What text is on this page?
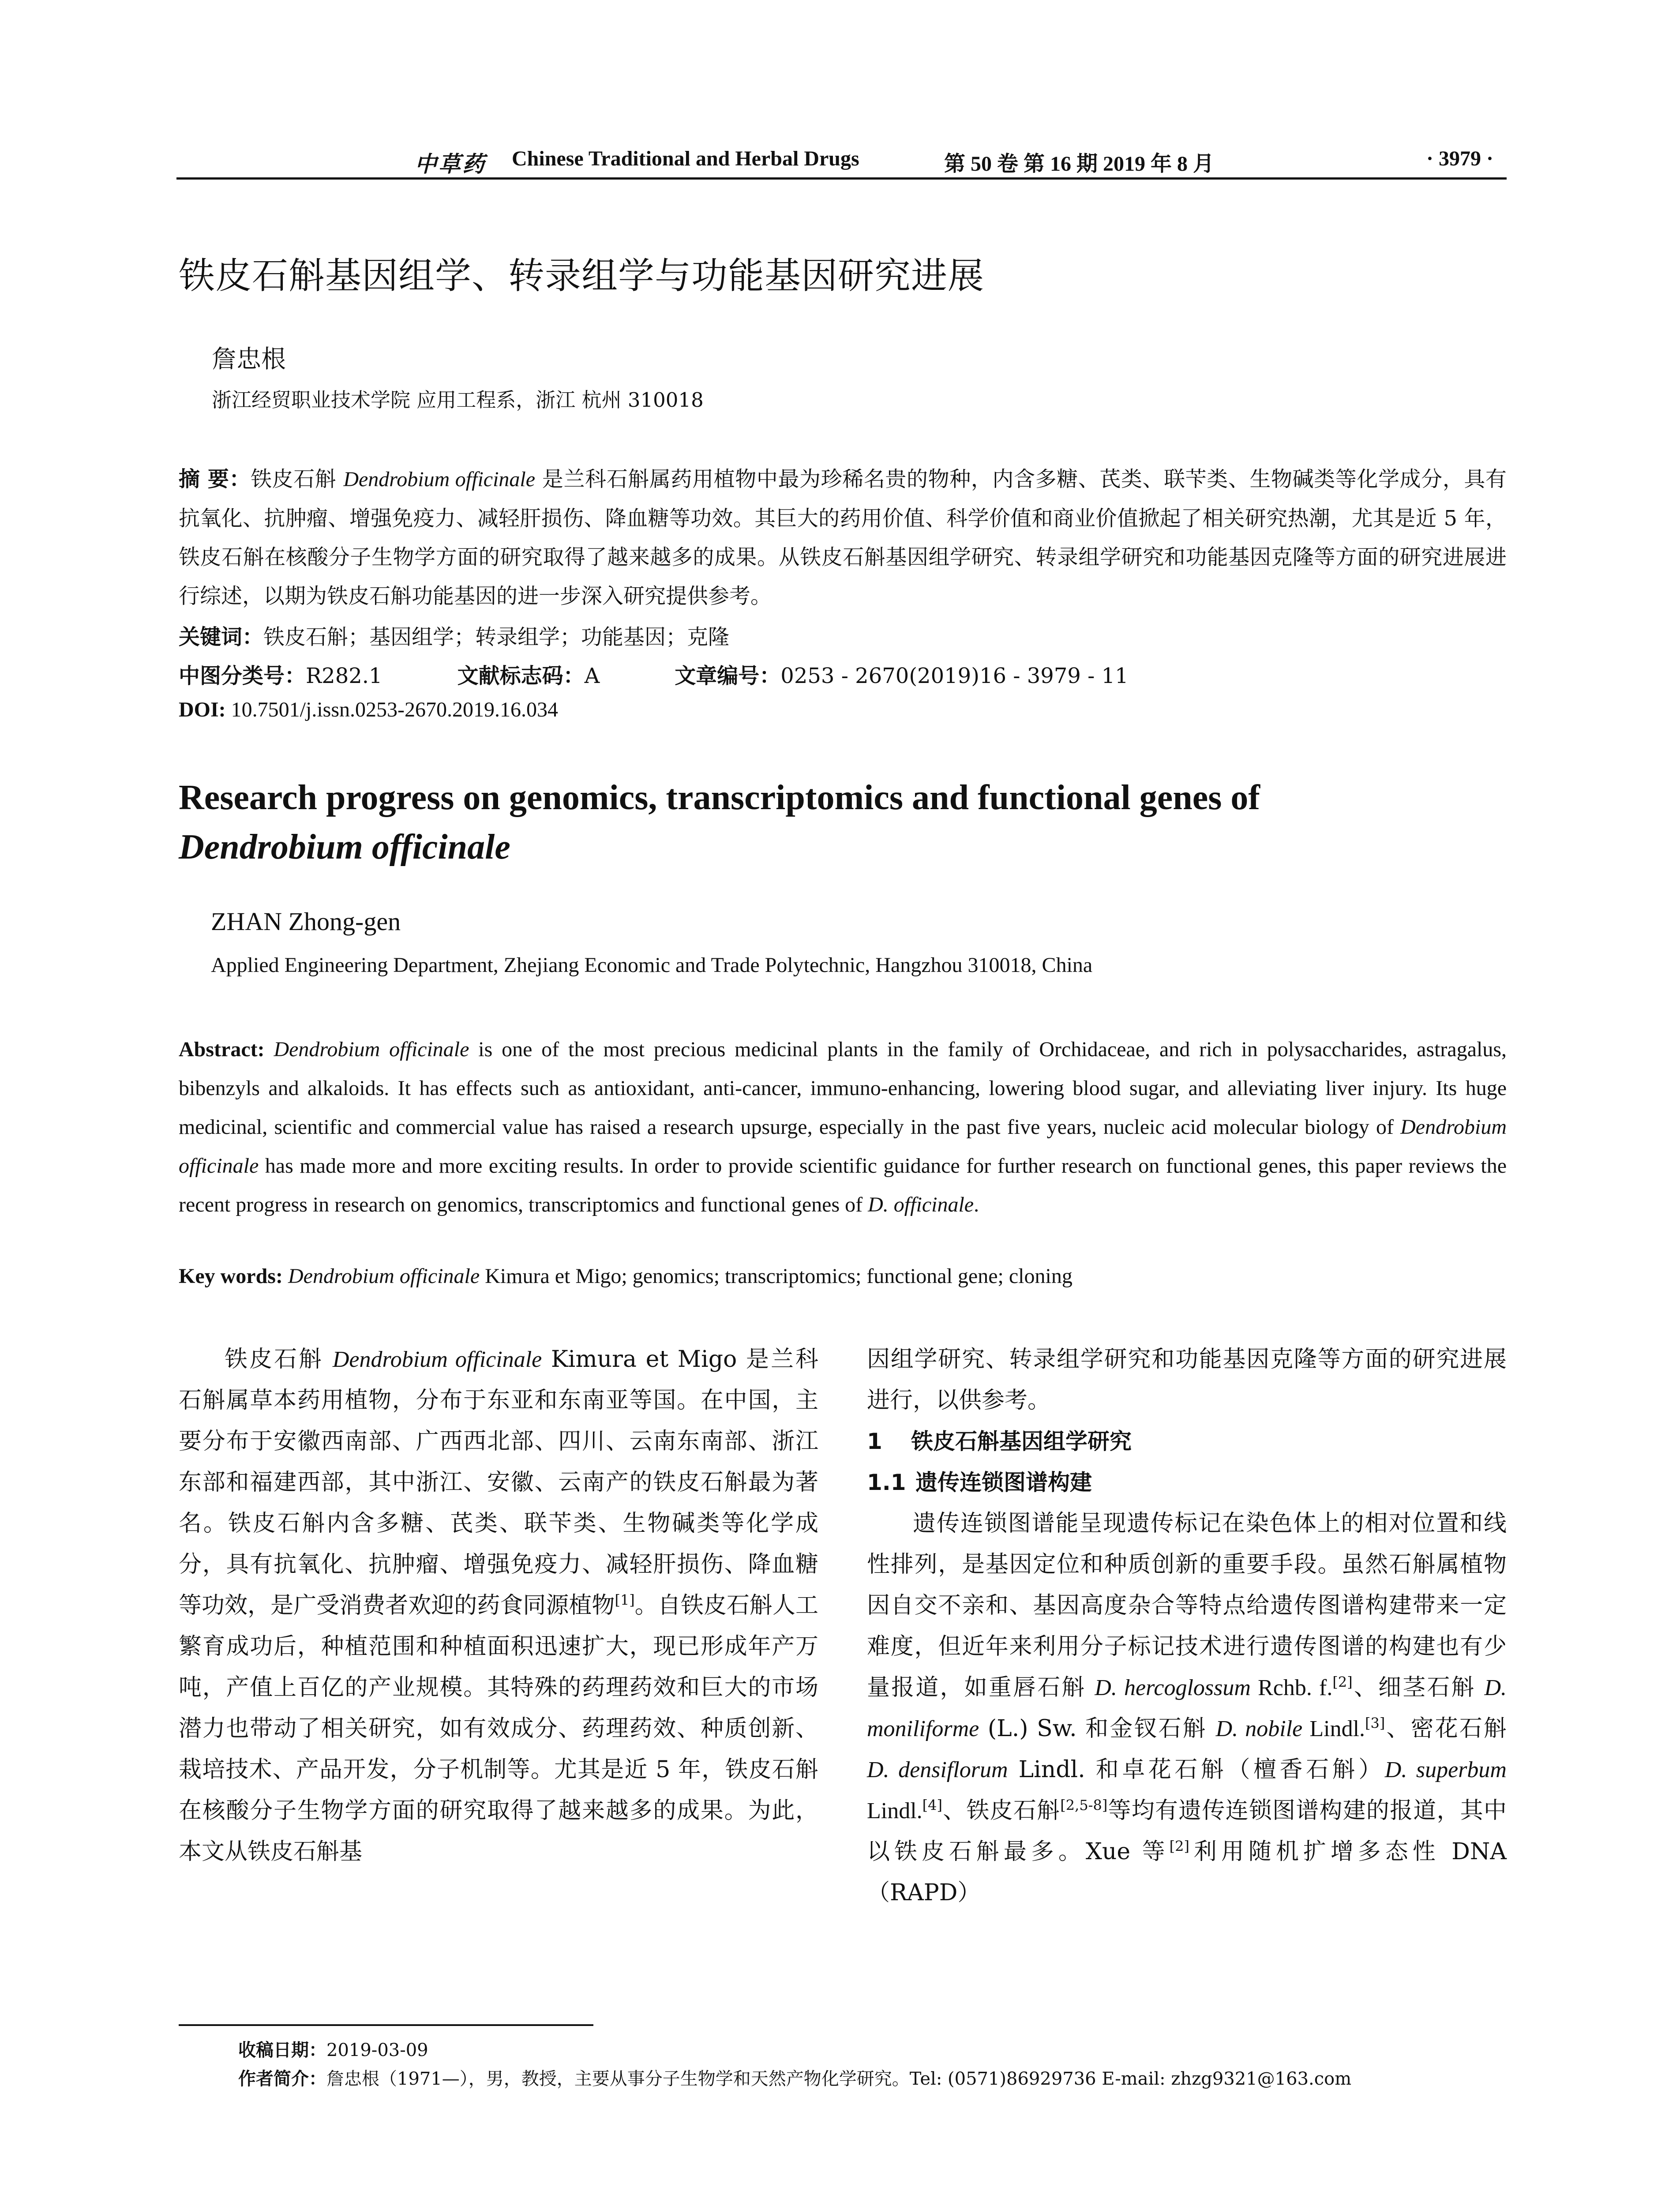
中草药 Chinese Traditional and Herbal Drugs	第 50 卷 第 16 期 2019 年 8 月	· 3979 ·
铁皮石斛基因组学、转录组学与功能基因研究进展
詹忠根
浙江经贸职业技术学院 应用工程系，浙江 杭州 310018
摘 要：铁皮石斛 Dendrobium officinale 是兰科石斛属药用植物中最为珍稀名贵的物种，内含多糖、芪类、联苄类、生物碱类等化学成分，具有抗氧化、抗肿瘤、增强免疫力、减轻肝损伤、降血糖等功效。其巨大的药用价值、科学价值和商业价值掀起了相关研究热潮，尤其是近 5 年，铁皮石斛在核酸分子生物学方面的研究取得了越来越多的成果。从铁皮石斛基因组学研究、转录组学研究和功能基因克隆等方面的研究进展进行综述，以期为铁皮石斛功能基因的进一步深入研究提供参考。
关键词：铁皮石斛；基因组学；转录组学；功能基因；克隆
中图分类号：R282.1	文献标志码：A	文章编号：0253 - 2670(2019)16 - 3979 - 11
DOI: 10.7501/j.issn.0253-2670.2019.16.034
Research progress on genomics, transcriptomics and functional genes of
Dendrobium officinale
ZHAN Zhong-gen
Applied Engineering Department, Zhejiang Economic and Trade Polytechnic, Hangzhou 310018, China
Abstract: Dendrobium officinale is one of the most precious medicinal plants in the family of Orchidaceae, and rich in polysaccharides, astragalus, bibenzyls and alkaloids. It has effects such as antioxidant, anti-cancer, immuno-enhancing, lowering blood sugar, and alleviating liver injury. Its huge medicinal, scientific and commercial value has raised a research upsurge, especially in the past five years, nucleic acid molecular biology of Dendrobium officinale has made more and more exciting results. In order to provide scientific guidance for further research on functional genes, this paper reviews the recent progress in research on genomics, transcriptomics and functional genes of D. officinale.
Key words: Dendrobium officinale Kimura et Migo; genomics; transcriptomics; functional gene; cloning

铁皮石斛 Dendrobium officinale Kimura et Migo 是兰科石斛属草本药用植物，分布于东亚和东南亚等国。在中国，主要分布于安徽西南部、广西西北部、四川、云南东南部、浙江东部和福建西部，其中浙江、安徽、云南产的铁皮石斛最为著名。铁皮石斛内含多糖、芪类、联苄类、生物碱类等化学成分，具有抗氧化、抗肿瘤、增强免疫力、减轻肝损伤、降血糖等功效，是广受消费者欢迎的药食同源植物[1]。自铁皮石斛人工繁育成功后，种植范围和种植面积迅速扩大，现已形成年产万吨，产值上百亿的产业规模。其特殊的药理药效和巨大的市场潜力也带动了相关研究，如有效成分、药理药效、种质创新、栽培技术、产品开发，分子机制等。尤其是近 5 年，铁皮石斛在核酸分子生物学方面的研究取得了越来越多的成果。为此，本文从铁皮石斛基

因组学研究、转录组学研究和功能基因克隆等方面的研究进展进行，以供参考。

1 铁皮石斛基因组学研究

1.1 遗传连锁图谱构建

遗传连锁图谱能呈现遗传标记在染色体上的相对位置和线性排列，是基因定位和种质创新的重要手段。虽然石斛属植物因自交不亲和、基因高度杂合等特点给遗传图谱构建带来一定难度，但近年来利用分子标记技术进行遗传图谱的构建也有少量报道，如重唇石斛 D. hercoglossum Rchb. f.[2]、细茎石斛 D. moniliforme (L.) Sw. 和金钗石斛 D. nobile Lindl.[3]、密花石斛 D. densiflorum Lindl. 和卓花石斛（檀香石斛）D. superbum Lindl.[4]、铁皮石斛[2,5-8]等均有遗传连锁图谱构建的报道，其中以铁皮石斛最多。Xue 等[2]利用随机扩增多态性 DNA（RAPD）

收稿日期：2019-03-09
作者简介：詹忠根（1971—），男，教授，主要从事分子生物学和天然产物化学研究。Tel: (0571)86929736 E-mail: zhzg9321@163.com
